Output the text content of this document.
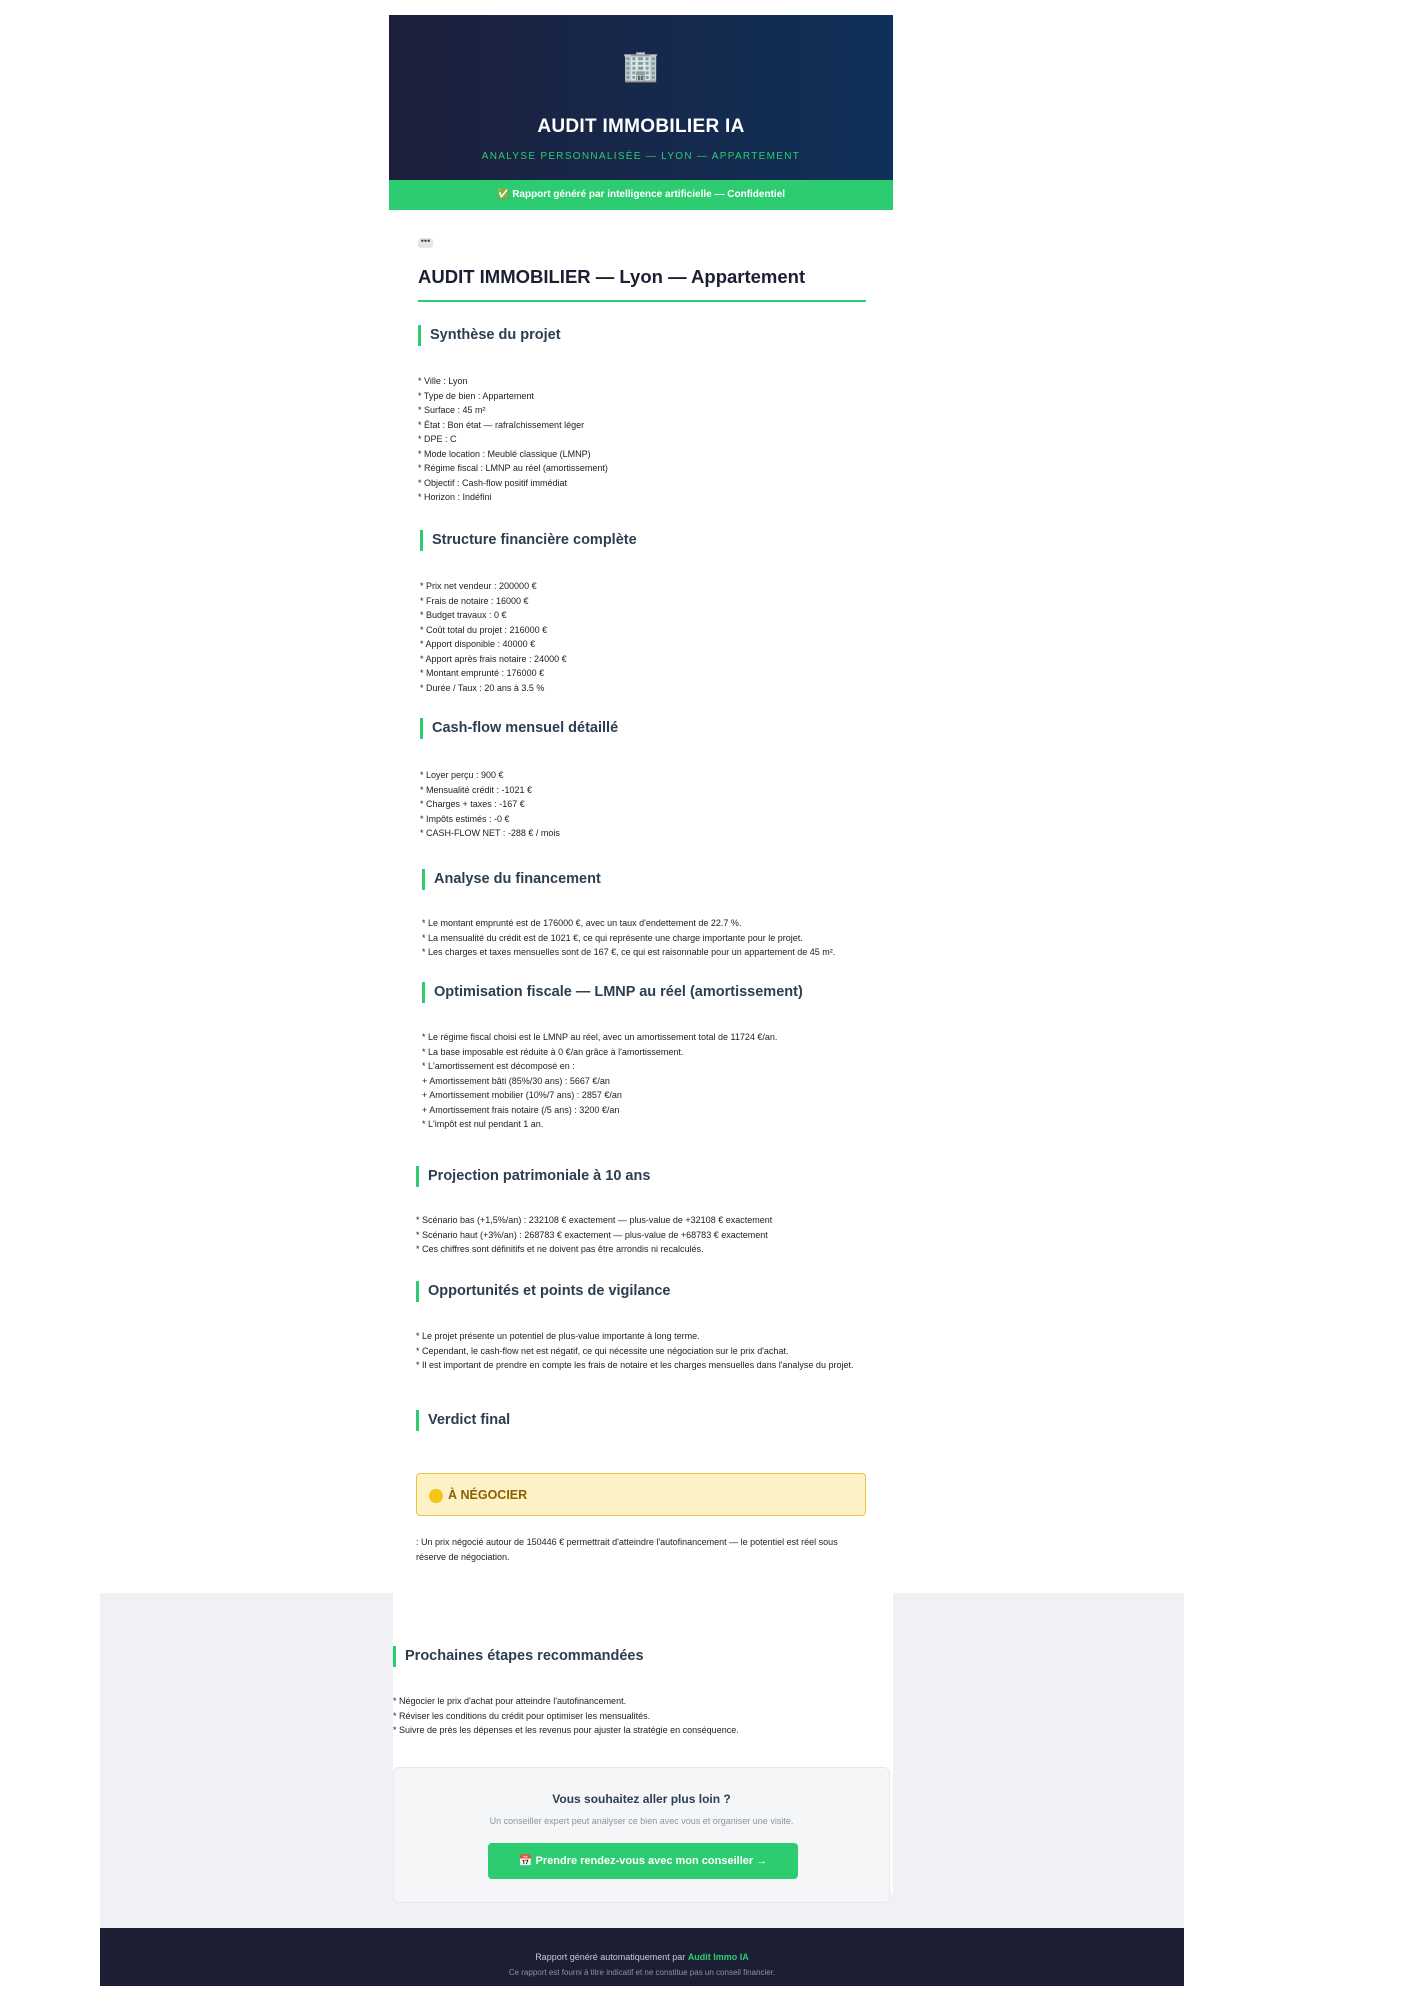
🏢
AUDIT IMMOBILIER IA
ANALYSE PERSONNALISÉE — LYON — APPARTEMENT
✅ Rapport généré par intelligence artificielle — Confidentiel
•••
AUDIT IMMOBILIER — Lyon — Appartement
Synthèse du projet
* Ville : Lyon
* Type de bien : Appartement
* Surface : 45 m²
* État : Bon état — rafraîchissement léger
* DPE : C
* Mode location : Meublé classique (LMNP)
* Régime fiscal : LMNP au réel (amortissement)
* Objectif : Cash-flow positif immédiat
* Horizon : Indéfini
Structure financière complète
* Prix net vendeur : 200000 €
* Frais de notaire : 16000 €
* Budget travaux : 0 €
* Coût total du projet : 216000 €
* Apport disponible : 40000 €
* Apport après frais notaire : 24000 €
* Montant emprunté : 176000 €
* Durée / Taux : 20 ans à 3.5 %
Cash-flow mensuel détaillé
* Loyer perçu : 900 €
* Mensualité crédit : -1021 €
* Charges + taxes : -167 €
* Impôts estimés : -0 €
* CASH-FLOW NET : -288 € / mois
Analyse du financement
* Le montant emprunté est de 176000 €, avec un taux d'endettement de 22.7 %.
* La mensualité du crédit est de 1021 €, ce qui représente une charge importante pour le projet.
* Les charges et taxes mensuelles sont de 167 €, ce qui est raisonnable pour un appartement de 45 m².
Optimisation fiscale — LMNP au réel (amortissement)
* Le régime fiscal choisi est le LMNP au réel, avec un amortissement total de 11724 €/an.
* La base imposable est réduite à 0 €/an grâce à l'amortissement.
* L'amortissement est décomposé en :
+ Amortissement bâti (85%/30 ans) : 5667 €/an
+ Amortissement mobilier (10%/7 ans) : 2857 €/an
+ Amortissement frais notaire (/5 ans) : 3200 €/an
* L'impôt est nul pendant 1 an.
Projection patrimoniale à 10 ans
* Scénario bas (+1,5%/an) : 232108 € exactement — plus-value de +32108 € exactement
* Scénario haut (+3%/an) : 268783 € exactement — plus-value de +68783 € exactement
* Ces chiffres sont définitifs et ne doivent pas être arrondis ni recalculés.
Opportunités et points de vigilance
* Le projet présente un potentiel de plus-value importante à long terme.
* Cependant, le cash-flow net est négatif, ce qui nécessite une négociation sur le prix d'achat.
* Il est important de prendre en compte les frais de notaire et les charges mensuelles dans l'analyse du projet.
Verdict final
À NÉGOCIER
: Un prix négocié autour de 150446 € permettrait d'atteindre l'autofinancement — le potentiel est réel sous réserve de négociation.
Prochaines étapes recommandées
* Négocier le prix d'achat pour atteindre l'autofinancement.
* Réviser les conditions du crédit pour optimiser les mensualités.
* Suivre de près les dépenses et les revenus pour ajuster la stratégie en conséquence.
Vous souhaitez aller plus loin ?
Un conseiller expert peut analyser ce bien avec vous et organiser une visite.
📅 Prendre rendez-vous avec mon conseiller →
Rapport généré automatiquement par Audit Immo IA
Ce rapport est fourni à titre indicatif et ne constitue pas un conseil financier.
